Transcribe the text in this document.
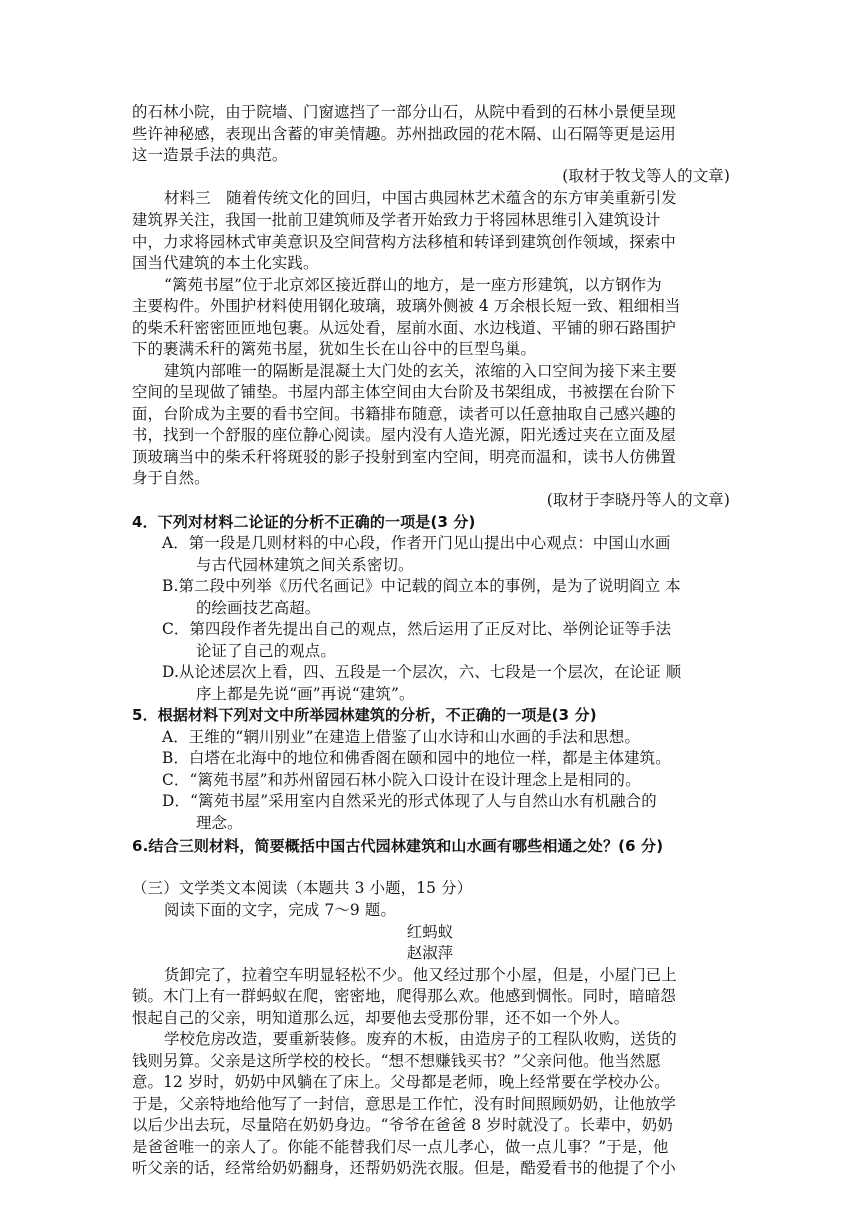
的石林小院，由于院墙、门窗遮挡了一部分山石，从院中看到的石林小景便呈现
些许神秘感，表现出含蓄的审美情趣。苏州拙政园的花木隔、山石隔等更是运用
这一造景手法的典范。
(取材于牧戈等人的文章)
材料三　随着传统文化的回归，中国古典园林艺术蕴含的东方审美重新引发
建筑界关注，我国一批前卫建筑师及学者开始致力于将园林思维引入建筑设计
中，力求将园林式审美意识及空间营构方法移植和转译到建筑创作领域，探索中
国当代建筑的本土化实践。
“篱苑书屋”位于北京郊区接近群山的地方，是一座方形建筑，以方钢作为
主要构件。外围护材料使用钢化玻璃，玻璃外侧被 4 万余根长短一致、粗细相当
的柴禾秆密密匝匝地包裹。从远处看，屋前水面、水边栈道、平铺的卵石路围护
下的裹满禾秆的篱苑书屋，犹如生长在山谷中的巨型鸟巢。
建筑内部唯一的隔断是混凝土大门处的玄关，浓缩的入口空间为接下来主要
空间的呈现做了铺垫。书屋内部主体空间由大台阶及书架组成，书被摆在台阶下
面，台阶成为主要的看书空间。书籍排布随意，读者可以任意抽取自己感兴趣的
书，找到一个舒服的座位静心阅读。屋内没有人造光源，阳光透过夹在立面及屋
顶玻璃当中的柴禾秆将斑驳的影子投射到室内空间，明亮而温和，读书人仿佛置
身于自然。
(取材于李晓丹等人的文章)
4．下列对材料二论证的分析不正确的一项是(3 分)
A．第一段是几则材料的中心段，作者开门见山提出中心观点：中国山水画
与古代园林建筑之间关系密切。
B.第二段中列举《历代名画记》中记载的阎立本的事例，是为了说明阎立 本
的绘画技艺高超。
C．第四段作者先提出自己的观点，然后运用了正反对比、举例论证等手法
论证了自己的观点。
D.从论述层次上看，四、五段是一个层次，六、七段是一个层次，在论证 顺
序上都是先说“画”再说“建筑”。
5．根据材料下列对文中所举园林建筑的分析，不正确的一项是(3 分)
A．王维的“辋川别业”在建造上借鉴了山水诗和山水画的手法和思想。
B．白塔在北海中的地位和佛香阁在颐和园中的地位一样，都是主体建筑。
C．“篱苑书屋”和苏州留园石林小院入口设计在设计理念上是相同的。
D．“篱苑书屋”采用室内自然采光的形式体现了人与自然山水有机融合的
理念。
6.结合三则材料，简要概括中国古代园林建筑和山水画有哪些相通之处？(6 分)
（三）文学类文本阅读（本题共 3 小题，15 分）
阅读下面的文字，完成 7～9 题。
红蚂蚁
赵淑萍
货卸完了，拉着空车明显轻松不少。他又经过那个小屋，但是，小屋门已上
锁。木门上有一群蚂蚁在爬，密密地，爬得那么欢。他感到惆怅。同时，暗暗怨
恨起自己的父亲，明知道那么远，却要他去受那份罪，还不如一个外人。
学校危房改造，要重新装修。废弃的木板，由造房子的工程队收购，送货的
钱则另算。父亲是这所学校的校长。“想不想赚钱买书？”父亲问他。他当然愿
意。12 岁时，奶奶中风躺在了床上。父母都是老师，晚上经常要在学校办公。
于是，父亲特地给他写了一封信，意思是工作忙，没有时间照顾奶奶，让他放学
以后少出去玩，尽量陪在奶奶身边。“爷爷在爸爸 8 岁时就没了。长辈中，奶奶
是爸爸唯一的亲人了。你能不能替我们尽一点儿孝心，做一点儿事？”于是，他
听父亲的话，经常给奶奶翻身，还帮奶奶洗衣服。但是，酷爱看书的他提了个小
